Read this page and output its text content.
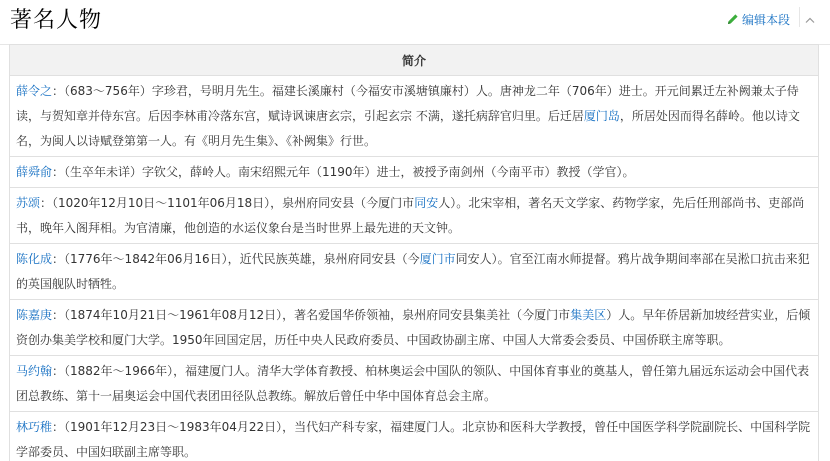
著名人物	编辑本段
简介
薛令之：（683～756年）字珍君，号明月先生。福建长溪廉村（今福安市溪塘镇廉村）人。唐神龙二年（706年）进士。开元间累迁左补阙兼太子侍读，与贺知章并侍东宫。后因李林甫冷落东宫，赋诗讽谏唐玄宗，引起玄宗 不满，遂托病辞官归里。后迁居厦门岛，所居处因而得名薛岭。他以诗文名，为闽人以诗赋登第第一人。有《明月先生集》、《补阙集》行世。
薛舜俞：（生卒年未详）字钦父，薛岭人。南宋绍熙元年（1190年）进士，被授予南剑州（今南平市）教授（学官）。
苏颂：（1020年12月10日～1101年06月18日），泉州府同安县（今厦门市同安人）。北宋宰相，著名天文学家、药物学家，先后任刑部尚书、吏部尚书，晚年入阁拜相。为官清廉，他创造的水运仪象台是当时世界上最先进的天文钟。
陈化成：（1776年～1842年06月16日），近代民族英雄，泉州府同安县（今厦门市同安人）。官至江南水师提督。鸦片战争期间率部在吴淞口抗击来犯的英国舰队时牺牲。
陈嘉庚：（1874年10月21日～1961年08月12日），著名爱国华侨领袖，泉州府同安县集美社（今厦门市集美区）人。早年侨居新加坡经营实业，后倾资创办集美学校和厦门大学。1950年回国定居，历任中央人民政府委员、中国政协副主席、中国人大常委会委员、中国侨联主席等职。
马约翰：（1882年～1966年），福建厦门人。清华大学体育教授、柏林奥运会中国队的领队、中国体育事业的奠基人，曾任第九届远东运动会中国代表团总教练、第十一届奥运会中国代表团田径队总教练。解放后曾任中华中国体育总会主席。
林巧稚：（1901年12月23日～1983年04月22日），当代妇产科专家，福建厦门人。北京协和医科大学教授，曾任中国医学科学院副院长、中国科学院学部委员、中国妇联副主席等职。
